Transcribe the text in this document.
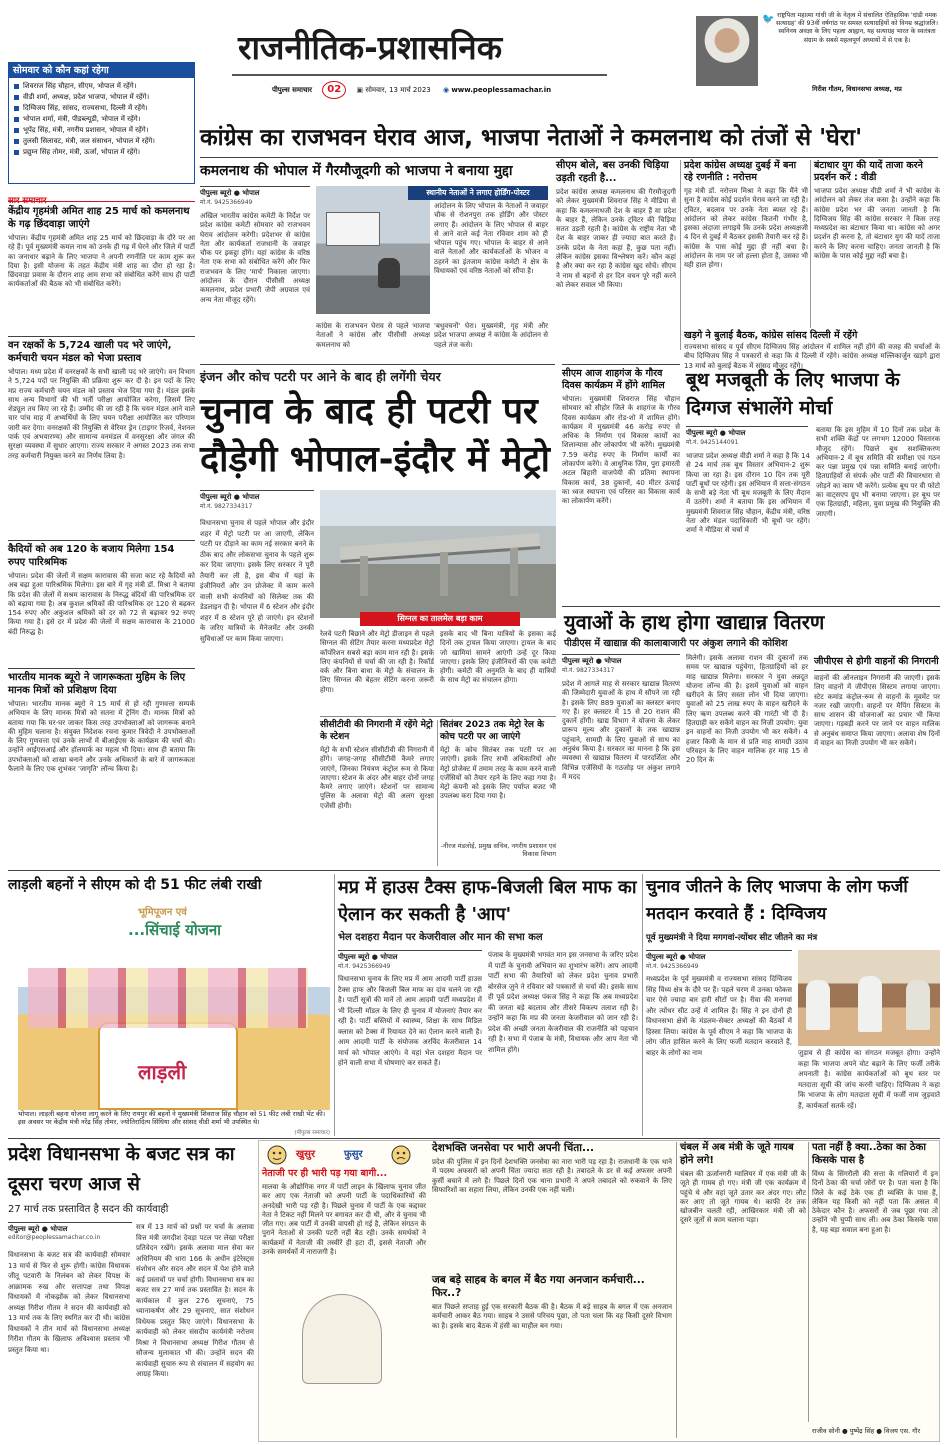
राजनीतिक-प्रशासनिक
पीपुल्स समाचार 02 ▣ सोमवार, 13 मार्च 2023 ◉ www.peoplessamachar.in
🐦 राष्ट्रपिता महात्मा गांधी जी के नेतृत्व में संचालित ऐतिहासिक 'दांडी नमक सत्याग्रह' की 93वीं वर्षगांठ पर समस्त सत्याग्रहियों को विनम्र श्रद्धांजलि। स्वनिनय अवज्ञा के लिए पहला आह्वान, यह सत्याग्रह भारत के स्वतंत्रता संग्राम के सबसे महत्वपूर्ण अध्यायों में से एक है।
गिरीश गौतम, विधानसभा अध्यक्ष, मप्र
सोमवार को कौन कहां रहेगा
शिवराज सिंह चौहान, सीएम, भोपाल में रहेंगे।
वीडी शर्मा, अध्यक्ष, प्रदेश भाजपा, भोपाल में रहेंगे।
दिग्विजय सिंह, सांसद, राज्यसभा, दिल्ली में रहेंगे।
भोपाल शर्मा, मंत्री, पीडब्ल्यूडी, भोपाल में रहेंगे।
भूपेंद्र सिंह, मंत्री, नगरीय प्रशासन, भोपाल में रहेंगे।
तुलसी सिलावट, मंत्री, जल संसाधन, भोपाल में रहेंगे।
प्रद्युम्न सिंह तोमर, मंत्री, ऊर्जा, भोपाल में रहेंगे।
सार समाचार
केंद्रीय गृहमंत्री अमित शाह 25 मार्च को कमलनाथ के गढ़ छिंदवाड़ा जाएंगे
भोपाल। केंद्रीय गृहमंत्री अमित शाह 25 मार्च को छिंदवाड़ा के दौरे पर आ रहे हैं। पूर्व मुख्यमंत्री कमल नाथ को उनके ही गढ़ में घेरने और जिले में पार्टी का जनाधार बढ़ाने के लिए भाजपा ने अपनी रणनीति पर काम शुरू कर दिया है। इसी योजना के तहत केंद्रीय मंत्री शाह का दौरा हो रहा है। छिंदवाड़ा प्रवास के दौरान शाह आम सभा को संबोधित करेंगे साथ ही पार्टी कार्यकर्ताओं की बैठक को भी संबोधित करेंगे।
वन रक्षकों के 5,724 खाली पद भरे जाएंगे, कर्मचारी चयन मंडल को भेजा प्रस्ताव
भोपाल। मध्य प्रदेश में वनरक्षकों के सभी खाली पद भरे जाएंगे। वन विभाग ने 5,724 पदों पर नियुक्ति की प्रक्रिया शुरू कर दी है। इन पदों के लिए मप्र राज्य कर्मचारी चयन मंडल को प्रस्ताव भेज दिया गया है। मंडल इसके साथ अन्य विभागों की भी भर्ती परीक्षा आयोजित करेगा, जिसमें लिए शेड्यूल तय किए जा रहे हैं। उम्मीद की जा रही है कि चयन मंडल आने वाले चार पांच माह में अभ्यर्थियों के लिए चयन परीक्षा आयोजित कर परिणाम जारी कर देगा। वनरक्षकों की नियुक्ति से वेरियर ड्रेन (टाइगर रिजर्व, नेशनल पार्क एवं अभयारण्य) और सामान्य वनमंडल में वनसुरक्षा और जंगल की सुरक्षा व्यवस्था में सुधार आएगा। राज्य सरकार ने अगस्त 2023 तक सभा तरह कर्मचारी नियुक्त करने का निर्णय लिया है।
कैदियों को अब 120 के बजाय मिलेगा 154 रुपए पारिश्रमिक
भोपाल। प्रदेश की जेलों में सक्षम कारावास की सजा काट रहे कैदियों को अब बढ़ा हुआ पारिश्रमिक मिलेगा। इस बारे में गृह मंत्री डॉ. मिश्रा ने बताया कि प्रदेश की जेलों में सश्रम कारावास के निरुद्ध बंदियों की पारिश्रमिक दर को बढ़ाया गया है। अब कुशल श्रमिकों की पारिश्रमिक दर 120 से बढ़कर 154 रुपए और अकुशल श्रमिकों को दर को 72 से बढ़ाकर 92 रुपए किया गया है। इसे दर में प्रदेश की जेलों में सक्षम कारावास के 21000 बंदी निरुद्ध है।
भारतीय मानक ब्यूरो ने जागरूकता मुहिम के लिए मानक मित्रों को प्रशिक्षण दिया
भोपाल। भारतीय मानक ब्यूरो ने 15 मार्च से हो रही गुणवत्ता सम्पर्क अभियान के लिए मानक मित्रों को सतना में ट्रेनिंग दी। मानक मित्रों को बताया गया कि घर-घर जाकर किस तरह उपभोक्ताओं को जागरूक बनाने की मुहिम चलाना है। संयुक्त निदेशक रचना कुमार त्रिवेदी ने उपभोक्ताओं के लिए गुणवत्ता एवं उनके लाभों में बीआईएस के कार्यक्रम की चर्चा की। उन्होंने आईएसआई और हॉलमार्क का महत्व भी दिया। साथ ही बताया कि उपभोक्ताओं को शाखा बनाने और उनके अधिकारों के बारे में जागरूकता फैलाने के लिए एक शुभंकर 'जागृति' लॉन्च किया है।
कांग्रेस का राजभवन घेराव आज, भाजपा नेताओं ने कमलनाथ को तंजों से 'घेरा'
कमलनाथ की भोपाल में गैरमौजूदगी को भाजपा ने बनाया मुद्दा
पीपुल्स ब्यूरो ● भोपाल
मो.नं. 9425366949
अखिल भारतीय कांग्रेस कमेटी के निर्देश पर प्रदेश कांग्रेस कमेटी सोमवार को राजभवन घेराव आंदोलन करेगी। प्रदेशभर से कांग्रेस नेता और कार्यकर्ता राजधानी के जवाहर चौक पर इकट्ठा होंगे। यहां कांग्रेस के वरिष्ठ नेता एक सभा को संबोधित करेंगे और फिर राजभवन के लिए 'मार्च' निकाला जाएगा। आंदोलन के दौरान पीसीसी अध्यक्ष कमलनाथ, प्रदेश प्रभारी जेपी अग्रवाल एवं अन्य नेता मौजूद रहेंगे।
स्थानीय नेताओं ने लगाए होर्डिंग-पोस्टर
आंदोलन के लिए भोपाल के नेताओं ने जवाहर चौक से रोशनपुरा तक होर्डिंग और पोस्टर लगाए हैं। आंदोलन के लिए भोपाल से बाहर से आने वाले कई नेता रविवार शाम को ही भोपाल पहुंच गए। भोपाल के बाहर से आने वाले नेताओं और कार्यकर्ताओं के भोजन व ठहरने का इंतजाम कांग्रेस कमेटी ने क्षेत्र के विधायकों एवं वरिष्ठ नेताओं को सौंपा है।
कांग्रेस के राजभवन घेराव से पहले भाजपा नेताओं ने कांग्रेस और पीसीसी अध्यक्ष कमलनाथ को
'बधुवचनों' घेरा। मुख्यमंत्री, गृह मंत्री और प्रदेश भाजपा अध्यक्ष ने कांग्रेस के आंदोलन से पहले तंज कसे।
सीएम बोले, बस उनकी चिड़िया उड़ती रहती है...
प्रदेश कांग्रेस अध्यक्ष कमलनाथ की गैरमौजूदगी को लेकर मुख्यमंत्री शिवराज सिंह ने मीडिया से कहा कि कमलनाथजी देश के बाहर हैं या प्रदेश के बाहर हैं, लेकिन उनके ट्विटर की चिड़िया सतत उड़ती रहती है। कांग्रेस के राष्ट्रीय नेता भी देश के बाहर जाकर ही ज्यादा बात करते हैं। उनके प्रदेश के नेता कहां हैं, कुछ पता नहीं। लेकिन कांग्रेस इसका विश्लेषण करें। कौन कहां है और क्या कर रहा है कांग्रेस खुद सोचें। सीएम ने नाम से बहनों से हर दिन वचन पूरे नहीं करने को लेकर सवाल भी किया।
प्रदेश कांग्रेस अध्यक्ष दुबई में बना रहे रणनीति : नरोत्तम
गृह मंत्री डॉ. नरोत्तम मिश्रा ने कहा कि मैंने भी सुना है कांग्रेस कोई प्रदर्शन घेराव करने जा रही है। ट्विटर, बदलाव पर उनके नेता ब्यस्त रहे हैं। आंदोलन को लेकर कांग्रेस कितनी गंभीर है, इसका अंदाजा लगाइये कि उनके प्रदेश अध्यक्षजी 4 दिन से दुबई में बैठकर इसकी तैयारी कर रहे हैं। कांग्रेस के पास कोई मुद्दा ही नहीं बचा है। आंदोलन के नाम पर जो हल्ला होता है, उसका भी यही हाल होगा।
बंटाधार युग की यादें ताजा करने प्रदर्शन करें : वीडी
भाजपा प्रदेश अध्यक्ष वीडी शर्मा ने भी कांग्रेस के आंदोलन को लेकर तंज कसा है। उन्होंने कहा कि कांग्रेस प्रदेश भर की जनता जानती है कि दिग्विजय सिंह की कांग्रेस सरकार ने किस तरह मध्यप्रदेश का बंटाधार किया था। कांग्रेस को अगर प्रदर्शन ही करना है, तो बंटाधार युग की यादें ताजा करने के लिए करना चाहिए। जनता जानती है कि कांग्रेस के पास कोई मुद्दा नहीं बचा है।
खड़गे ने बुलाई बैठक, कांग्रेस सांसद दिल्ली में रहेंगे
राज्यसभा सांसद व पूर्व सीएम दिग्विजय सिंह आंदोलन में शामिल नहीं होंगे की वजह की चर्चाओं के बीच दिग्विजय सिंह ने पत्रकारों से कहा कि वे दिल्ली में रहेंगे। कांग्रेस अध्यक्ष मल्लिकार्जुन खड़गे द्वारा 13 मार्च को बुलाई बैठक में सांसद मौजूद रहेंगे।
इंजन और कोच पटरी पर आने के बाद ही लगेंगी चेयर
चुनाव के बाद ही पटरी पर दौड़ेगी भोपाल-इंदौर में मेट्रो
पीपुल्स ब्यूरो ● भोपाल
मो.नं. 9827334317
विधानसभा चुनाव से पहले भोपाल और इंदौर शहर में मेट्रो पटरी पर आ जाएगी, लेकिन पटरी पर दौड़ाने का काम नई सरकार बनने के ठीक बाद और लोकसभा चुनाव के पहले शुरू कर दिया जाएगा। इसके लिए सरकार ने पूरी तैयारी कर ली है, इस बीच में यहां के इंजीनियरों और उन प्रोजेक्ट में काम करने वाली सभी कंपनियों को सिलेक्ट तक की डेडलाइन दी है। भोपाल में 6 स्टेशन और इंदौर शहर में 8 स्टेशन पूरे हो जाएंगे। इन स्टेशनों के जरिए यात्रियों के मैनेजमेंट और उनकी सुविधाओं पर काम किया जाएगा।
सिग्नल का तालमेल बड़ा काम
रेलवे पटरी बिछाने और मेट्रो डीजाइन से पहले सिग्नल की सेटिंग तैयार करना मध्यप्रदेश मेट्रो कॉर्पोरेशन सबसे बड़ा काम मान रही है। इसके लिए कंपनियों से चर्चा की जा रही है। रिकॉर्ड वर्क और बिना बाधा के मेट्रो के संचालन के लिए सिग्नल की बेहतर सेटिंग करना जरूरी होगा।
इसके बाद भी बिना यात्रियों के इसका कई दिनों तक ट्रायल किया जाएगा। ट्रायल के बाद जो खामियां सामने आएंगी उन्हें दूर किया जाएगा। इसके लिए इंजीनियरों की एक कमेटी होगी। कमेटी की अनुमति के बाद ही यात्रियों के साथ मेट्रो का संचालन होगा।
सीसीटीवी की निगरानी में रहेंगे मेट्रो के स्टेशन
मेट्रो के सभी स्टेशन सीसीटीवी की निगरानी में होंगे। जगह-जगह सीसीटीवी कैमरे लगाए जाएंगे, जिनका नियंत्रण कंट्रोल रूम से किया जाएगा। स्टेशन के अंदर और बाहर दोनों जगह कैमरे लगाए जाएंगे। स्टेशनों पर सामान्य पुलिस के अलावा मेट्रो की अलग सुरक्षा एजेंसी होगी।
सितंबर 2023 तक मेट्रो रेल के कोच पटरी पर आ जाएंगे
मेट्रो के कोच सितंबर तक पटरी पर आ जाएंगी। इसके लिए सभी अधिकारियों और मेट्रो प्रोजेक्ट में तमाम तरह के काम करने वाली एजेंसियों को तैयार रहने के लिए कहा गया है। मेट्रो कंपनी को इसके लिए पर्याप्त बजट भी उपलब्ध करा दिया गया है।
-नीरज मंडलोई, प्रमुख सचिव, नगरीय प्रशासन एवं विकास विभाग
सीएम आज शाहगंज के गौरव दिवस कार्यक्रम में होंगे शामिल
भोपाल। मुख्यमंत्री शिवराज सिंह चौहान सोमवार को सीहोर जिले के शाहगंज के गौरव दिवस कार्यक्रम और रोड-शो में शामिल होंगे। कार्यक्रम में मुख्यमंत्री 46 करोड़ रुपए से अधिक के निर्माण एवं विकास कार्यों का शिलान्यास और लोकार्पण भी करेंगे। मुख्यमंत्री 7.59 करोड़ रुपए के निर्माण कार्यों का लोकार्पण करेंगे। वे आधुनिक जिम, पुरा इमारती अटल बिहारी वाजपेयी की प्रतिमा स्थापना विकास कार्य, 38 दुकानों, 40 मीटर ऊंचाई का ध्वज स्थापना एवं परिसर का विकास कार्य का लोकार्पण करेंगे।
बूथ मजबूती के लिए भाजपा के दिग्गज संभालेंगे मोर्चा
पीपुल्स ब्यूरो ● भोपाल
मो.नं. 9425144091
भाजपा प्रदेश अध्यक्ष वीडी शर्मा ने कहा है कि 14 से 24 मार्च तक बूथ विस्तार अभियान-2 शुरू किया जा रहा है। इस दौरान 10 दिन तक पूरी पार्टी बूथों पर रहेगी। इस अभियान में सत्ता-संगठन के सभी बड़े नेता भी बूथ मजबूती के लिए मैदान में उतरेंगे। शर्मा ने बताया कि इस अभियान में मुख्यमंत्री शिवराज सिंह चौहान, केंद्रीय मंत्री, वरिष्ठ नेता और मंडल पदाधिकारी भी बूथों पर रहेंगे। शर्मा ने मीडिया से चर्चा में
बताया कि इस मुहिम में 10 दिनों तक प्रदेश के सभी शक्ति केंद्रों पर लगभग 12000 विस्तारक मौजूद रहेंगे। पिछले बूथ सशक्तिकरण अभियान-2 में बूथ समिति की समीक्षा एवं गठन कर पन्ना प्रमुख एवं पन्ना समिति बनाई जाएंगी। हितग्राहियों से संपर्क और पार्टी की विचारधारा से जोड़ने का काम भी करेंगे। प्रत्येक बूथ पर वी फोटो का वाट्सएप ग्रुप भी बनाया जाएगा। हर बूथ पर एक हितग्राही, महिला, युवा प्रमुख की नियुक्ति की जाएगी।
युवाओं के हाथ होगा खाद्यान्न वितरण
पीडीएस में खाद्यान्न की कालाबाजारी पर अंकुश लगाने की कोशिश
पीपुल्स ब्यूरो ● भोपाल
मो.नं. 9827334317
प्रदेश में आगले माह से सरकार खाद्यान्न वितरण की जिम्मेदारी युवाओं के हाथ में सौंपने जा रही है। इसके लिए 889 युवाओं का क्लस्टर बनाए गए हैं। हर क्लस्टर में 15 से 20 राशन की दुकानें होंगी। खाद्य विभाग ने योजना के लेकर प्रारूप मूल्य और दुकानों के तक खाद्यान्न पहुंचाने, सामग्री के लिए युवाओं से साथ का अनुबंध किया है। सरकार का मानना है कि इस व्यवस्था से खाद्यान्न वितरण में पारदर्शिता और विभिन्न एजेंसियों के गठजोड़ पर अंकुश लगाने में मदद
मिलेगी। इसके अलावा राशन की दुकानों तक समय पर खाद्यान्न पहुंचेगा, हितग्राहियों को हर माह खाद्यान्न मिलेगा। सरकार ने युवा अन्नदूत योजना लॉन्च की है। इसमें युवाओं को वाहन खरीदने के लिए सस्ता लोन भी दिया जाएगा। युवाओं को 25 लाख रुपए के वाहन खरीदने के लिए ऋण उपलब्ध करने की गारंटी भी दी है। हितग्राही कर सकेंगे वाहन का निजी उपयोग: युवा इन वाहनों का निजी उपयोग भी कर सकेंगे। 4 हजार किमी के मान से प्रति माह सामग्री उठाव परिवहन के लिए वाहन मालिक हर माह 15 से 20 दिन के
जीपीएस से होगी वाहनों की निगरानी
वाहनों की ऑनलाइन निगरानी की जाएगी। इसके लिए वाहनों में जीपीएस सिस्टम लगाया जाएगा। स्टेट कमांड कंट्रोल-रूम से वाहनों के मूवमेंट पर नजर रखी जाएगी। वाहनों पर मैपिंग सिस्टम के साथ शासन की योजनाओं का प्रचार भी किया जाएगा। गड़बड़ी करने पर जाने पर वाहन मालिक से अनुबंध समाप्त किया जाएगा। अलावा शेष दिनों में वाहन का निजी उपयोग भी कर सकेंगे।
लाड़ली बहनों ने सीएम को दी 51 फीट लंबी राखी
भूमिपूजन एवं
...सिंचाई योजना
लाड़ली
भोपाल। लाड़ली बहना योजना लागू करने के लिए रायपुर की बहनों ने मुख्यमंत्री शिवराज सिंह चौहान को 51 फीट लंबी राखी भेंट की। इस अवसर पर केंद्रीय मंत्री नरेंद्र सिंह तोमर, ज्योतिरादित्य सिंधिया और सांसद वीडी शर्मा भी उपस्थित थे।
(पीपुल्स समाचार)
मप्र में हाउस टैक्स हाफ-बिजली बिल माफ का ऐलान कर सकती है 'आप'
भेल दशहरा मैदान पर केजरीवाल और मान की सभा कल
पीपुल्स ब्यूरो ● भोपाल
मो.नं. 9425366949
विधानसभा चुनाव के लिए मप्र में आम आदमी पार्टी हाउस टैक्स हाफ और बिजली बिल माफ का दांव चलने जा रही है। पार्टी सूत्रों की मानें तो आम आदमी पार्टी मध्यप्रदेश में भी दिल्ली मॉडल के लिए ही चुनाव में योजनाएं तैयार कर रही है। पार्टी बस्तियों में स्वास्थ्य, शिक्षा के साथ मिडिल क्लास को टैक्स में रियायत देने का ऐलान करने वाली है। आम आदमी पार्टी के संयोजक अरविंद केजरीवाल 14 मार्च को भोपाल आएंगे। वे यहां भेल दशहरा मैदान पर होने वाली सभा में घोषणाएं कर सकते हैं।
पंजाब के मुख्यमंत्री भगवंत मान इस जनसभा के जरिए प्रदेश में पार्टी के चुनावी अभियान का शुभारंभ करेंगे। आप आदमी पार्टी सभा की तैयारियों को लेकर प्रदेश चुनाव प्रभारी बोरसेज जुने ने रविवार को पत्रकारों से चर्चा की। इसके साथ ही पूर्व प्रदेश अध्यक्ष पंकज सिंह ने कहा कि अब मध्यप्रदेश की जनता बड़े बदलाव और तीसरे विकल्प तलाश रही है। उन्होंने कहा कि मप्र की जनता केजरीवाल को जान रही है। प्रदेश की अच्छी जनता केजरीवाल की राजनीति को पहचान रही है। सभा में पंजाब के मंत्री, विधायक और आप नेता भी शामिल होंगे।
चुनाव जीतने के लिए भाजपा के लोग फर्जी मतदान करवाते हैं : दिग्विजय
पूर्व मुख्यमंत्री ने दिया मगगवां-त्योंथर सीट जीतने का मंत्र
पीपुल्स ब्यूरो ● भोपाल
मो.नं. 9425366949
मध्यप्रदेश के पूर्व मुख्यमंत्री व राज्यसभा सांसद दिग्विजय सिंह विंध्य क्षेत्र के दौरे पर हैं। पहले चरण में उनका फोकस चार ऐसे ज्यादा बार हारी सीटों पर है। रीवा की मनगवां और त्योंथर सीट उन्हें में शामिल हैं। सिंह ने इन दोनों ही विधानसभा क्षेत्रों के मंडलम-सेक्टर अध्यक्षों की बैठकों में हिस्सा लिया। कांग्रेस के पूर्व सीएम ने कहा कि भाजपा के लोग जीत हासिल करने के लिए फर्जी मतदान करवाते हैं, बाहर के लोगों का नाम	जुड़ाव से ही कांग्रेस का संगठन मजबूत होगा। उन्होंने कहा कि भाजपा अपने वोट बढ़ाने के लिए फर्जी तरीके अपनाती है। कांग्रेस कार्यकर्ताओं को बूथ स्तर पर मतदाता सूची की जांच करनी चाहिए। दिग्विजय ने कहा कि भाजपा के लोग मतदाता सूची में फर्जी नाम जुड़वाते हैं, कार्यकर्ता सतर्क रहें।
प्रदेश विधानसभा के बजट सत्र का दूसरा चरण आज से
27 मार्च तक प्रस्तावित है सदन की कार्यवाही
पीपुल्स ब्यूरो ● भोपाल
editor@peoplessamachar.co.in
विधानसभा के बजट सत्र की कार्यवाही सोमवार 13 मार्च से फिर से शुरू होगी। कांग्रेस विधायक जीतू पटवारी के निलंबन को लेकर विपक्ष के आक्रामक रुख और सत्तापक्ष तथा विपक्ष विधायकों में नोकझोंक को लेकर विधानसभा अध्यक्ष गिरीश गौतम ने सदन की कार्यवाही को 13 मार्च तक के लिए स्थगित कर दी थी। कांग्रेस विधायकों ने तीन मार्च को विधानसभा अध्यक्ष गिरीश गौतम के खिलाफ अविश्वास प्रस्ताव भी प्रस्तुत किया था।
सत्र में 13 मार्च को प्रश्नों पर चर्चा के अलावा वित्त मंत्री जगदीश देवड़ा पटल पर लेखा परीक्षा प्रतिवेदन रखेंगे। इसके अलावा माल सेवा कर अधिनियम की धारा 166 के अधीन इंटेरेस्ट्स संशोधन और सदन और सदन में पेश होने वाले कई प्रस्तावों पर चर्चा होगी। विधानसभा सत्र का बजट सत्र 27 मार्च तक प्रस्तावित है। सदन के कार्यकाल में कुल 276 सूचनाएं, 75 ध्यानाकर्षण और 29 सूचनाएं, सात संशोधन विधेयक प्रस्तुत किए जाएंगे। विधानसभा के कार्यवाही को लेकर संसदीय कार्यमंत्री नरोत्तम मिश्रा ने विधानसभा अध्यक्ष गिरीश गौतम से सौजन्य मुलाकात भी की। उन्होंने सदन की कार्यवाही सुचारु रूप से संचालन में सहयोग का आग्रह किया।
खुसुर	फुसुर
नेताजी पर ही भारी पड़ गया बागी...
मालवा के औद्योगिक नगर में पार्टी लाइन के खिलाफ चुनाव जीत कर आए एक नेताजी को अपनी पार्टी के पदाधिकारियों की अनदेखी भारी पड़ रही है। पिछले चुनाव में पार्टी के एक कद्दावर नेता ने टिकट नहीं मिलने पर बगावत कर दी थी, और वे चुनाव भी जीत गए। अब पार्टी में उनकी वापसी हो गई है, लेकिन संगठन के पुराने नेताओं से उनकी पटरी नहीं बैठ रही। उनके समर्थकों ने कार्यक्रमों में नेताजी की तस्वीरें ही हटा दीं, इससे नेताजी और उनके समर्थकों में नाराजगी है।
देशभक्ति जनसेवा पर भारी अपनी चिंता...
प्रदेश की पुलिस में इन दिनों देशभक्ति जनसेवा का नारा भारी पड़ रहा है। राजधानी के एक थाने में पदस्थ अफसरों को अपनी चिंता ज्यादा सता रही है। तबादले के डर से कई अफसर अपनी कुर्सी बचाने में लगे हैं। पिछले दिनों एक थाना प्रभारी ने अपने तबादले को रुकवाने के लिए सिफारिशों का सहारा लिया, लेकिन उनकी एक नहीं चली।
जब बड़े साहब के बगल में बैठ गया अनजान कर्मचारी... फिर..?
बात पिछले सप्ताह हुई एक सरकारी बैठक की है। बैठक में बड़े साहब के बगल में एक अनजान कर्मचारी आकर बैठ गया। साहब ने उससे परिचय पूछा, तो पता चला कि वह किसी दूसरे विभाग का है। इसके बाद बैठक में हंसी का माहौल बन गया।
चंबल में अब मंत्री के जूते गायब होने लगे!
चंबल की ऊर्जानगरी ग्वालियर में एक मंत्री जी के जूते ही गायब हो गए। मंत्री जी एक कार्यक्रम में पहुंचे थे और वहां जूते उतार कर अंदर गए। लौट कर आए तो जूते गायब थे। काफी देर तक खोजबीन चलती रही, आखिरकार मंत्री जी को दूसरे जूतों से काम चलाना पड़ा।
पता नहीं है क्या..ठेका का ठेका किसके पास है
विंध्य के सिंगरौली की सत्ता के गलियारों में इन दिनों ठेका की चर्चा जोरों पर है। पता चला है कि जिले के कई ठेके एक ही व्यक्ति के पास हैं, लेकिन यह किसी को नहीं पता कि असल में ठेकेदार कौन है। अफसरों से जब पूछा गया तो उन्होंने भी चुप्पी साध ली। अब ठेका किसके पास है, यह बड़ा सवाल बना हुआ है।
राजीव सोनी ● पुष्पेंद्र सिंह ● विजय एस. गौर
